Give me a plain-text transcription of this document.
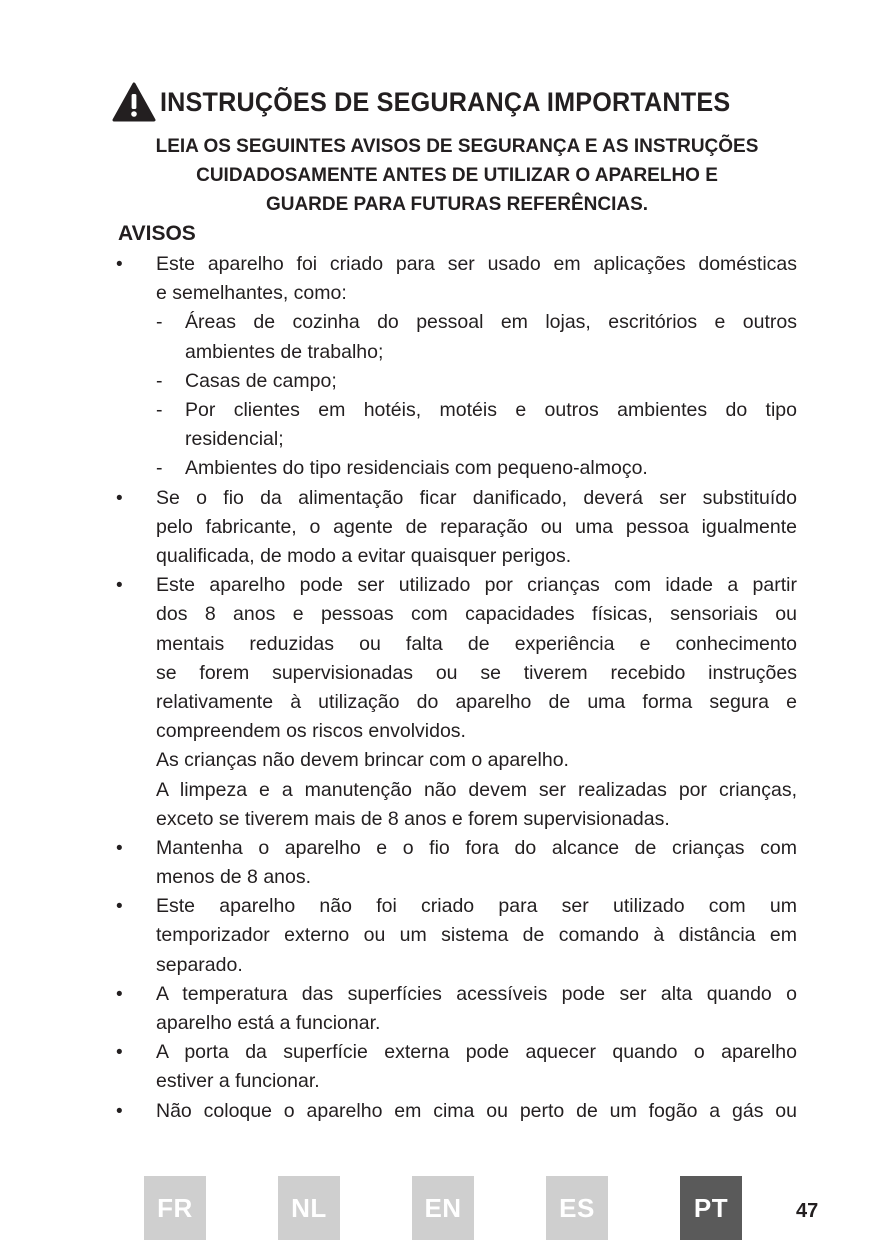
INSTRUÇÕES DE SEGURANÇA IMPORTANTES
LEIA OS SEGUINTES AVISOS DE SEGURANÇA E AS INSTRUÇÕES
CUIDADOSAMENTE ANTES DE UTILIZAR O APARELHO E
GUARDE PARA FUTURAS REFERÊNCIAS.
AVISOS
• Este aparelho foi criado para ser usado em aplicações domésticas
e semelhantes, como:
- Áreas de cozinha do pessoal em lojas, escritórios e outros
ambientes de trabalho;
- Casas de campo;
- Por clientes em hotéis, motéis e outros ambientes do tipo
residencial;
- Ambientes do tipo residenciais com pequeno-almoço.
• Se o fio da alimentação ficar danificado, deverá ser substituído
pelo fabricante, o agente de reparação ou uma pessoa igualmente
qualificada, de modo a evitar quaisquer perigos.
• Este aparelho pode ser utilizado por crianças com idade a partir
dos 8 anos e pessoas com capacidades físicas, sensoriais ou
mentais reduzidas ou falta de experiência e conhecimento
se forem supervisionadas ou se tiverem recebido instruções
relativamente à utilização do aparelho de uma forma segura e
compreendem os riscos envolvidos.
As crianças não devem brincar com o aparelho.
A limpeza e a manutenção não devem ser realizadas por crianças,
exceto se tiverem mais de 8 anos e forem supervisionadas.
• Mantenha o aparelho e o fio fora do alcance de crianças com
menos de 8 anos.
• Este aparelho não foi criado para ser utilizado com um
temporizador externo ou um sistema de comando à distância em
separado.
• A temperatura das superfícies acessíveis pode ser alta quando o
aparelho está a funcionar.
• A porta da superfície externa pode aquecer quando o aparelho
estiver a funcionar.
• Não coloque o aparelho em cima ou perto de um fogão a gás ou
FR	NL	EN	ES	PT	47
